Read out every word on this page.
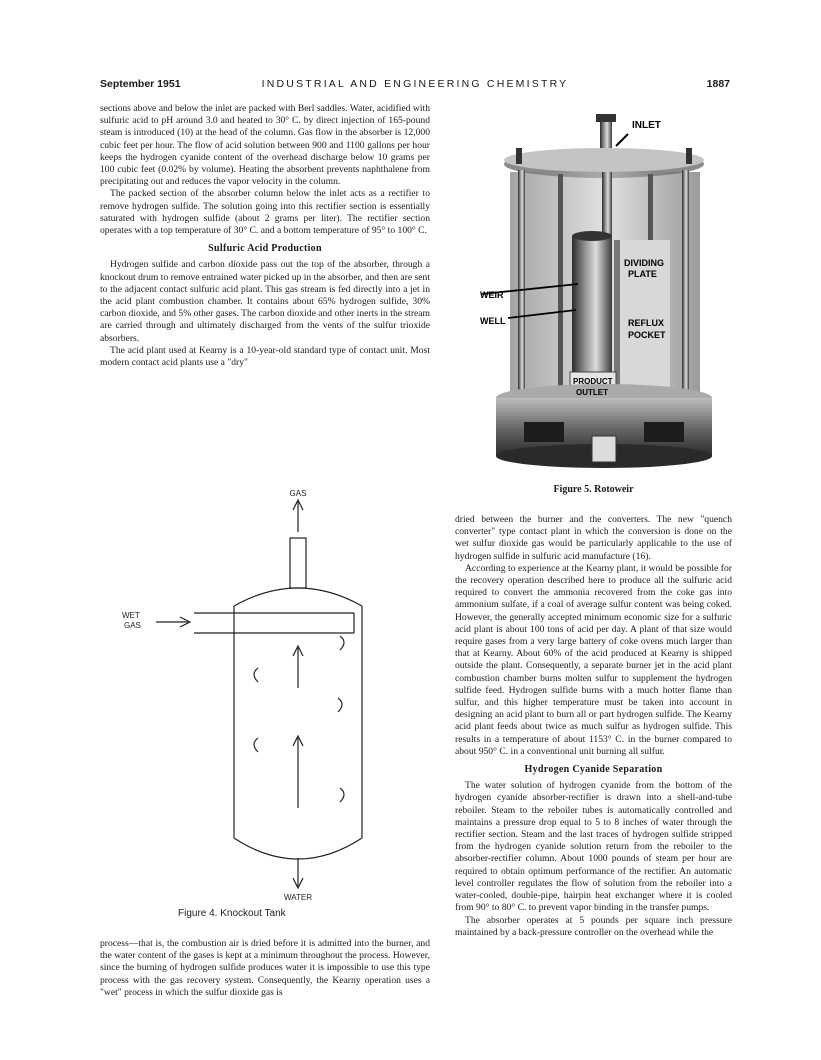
September 1951	INDUSTRIAL AND ENGINEERING CHEMISTRY	1887

sections above and below the inlet are packed with Berl saddles. Water, acidified with sulfuric acid to pH around 3.0 and heated to 30° C. by direct injection of 165-pound steam is introduced (10) at the head of the column. Gas flow in the absorber is 12,000 cubic feet per hour. The flow of acid solution between 900 and 1100 gallons per hour keeps the hydrogen cyanide content of the overhead discharge below 10 grams per 100 cubic feet (0.02% by volume). Heating the absorbent prevents naphthalene from precipitating out and reduces the vapor velocity in the column.

The packed section of the absorber column below the inlet acts as a rectifier to remove hydrogen sulfide. The solution going into this rectifier section is essentially saturated with hydrogen sulfide (about 2 grams per liter). The rectifier section operates with a top temperature of 30° C. and a bottom temperature of 95° to 100° C.

Sulfuric Acid Production

Hydrogen sulfide and carbon dioxide pass out the top of the absorber, through a knockout drum to remove entrained water picked up in the absorber, and then are sent to the adjacent contact sulfuric acid plant. This gas stream is fed directly into a jet in the acid plant combustion chamber. It contains about 65% hydrogen sulfide, 30% carbon dioxide, and 5% other gases. The carbon dioxide and other inerts in the stream are carried through and ultimately discharged from the vents of the sulfur trioxide absorbers.

The acid plant used at Kearny is a 10-year-old standard type of contact unit. Most modern contact acid plants use a "dry"

INLET
DIVIDING
PLATE
WEIR
WELL	REFLUX
POCKET
PRODUCT
OUTLET
Figure 5. Rotoweir
GAS
WET
GAS
WATER
Figure 4. Knockout Tank

process—that is, the combustion air is dried before it is admitted into the burner, and the water content of the gases is kept at a minimum throughout the process. However, since the burning of hydrogen sulfide produces water it is impossible to use this type process with the gas recovery system. Consequently, the Kearny operation uses a "wet" process in which the sulfur dioxide gas is

dried between the burner and the converters. The new "quench converter" type contact plant in which the conversion is done on the wet sulfur dioxide gas would be particularly applicable to the use of hydrogen sulfide in sulfuric acid manufacture (16).

According to experience at the Kearny plant, it would be possible for the recovery operation described here to produce all the sulfuric acid required to convert the ammonia recovered from the coke gas into ammonium sulfate, if a coal of average sulfur content was being coked. However, the generally accepted minimum economic size for a sulfuric acid plant is about 100 tons of acid per day. A plant of that size would require gases from a very large battery of coke ovens much larger than that at Kearny. About 60% of the acid produced at Kearny is shipped outside the plant. Consequently, a separate burner jet in the acid plant combustion chamber burns molten sulfur to supplement the hydrogen sulfide feed. Hydrogen sulfide burns with a much hotter flame than sulfur, and this higher temperature must be taken into account in designing an acid plant to burn all or part hydrogen sulfide. The Kearny acid plant feeds about twice as much sulfur as hydrogen sulfide. This results in a temperature of about 1153° C. in the burner compared to about 950° C. in a conventional unit burning all sulfur.

Hydrogen Cyanide Separation

The water solution of hydrogen cyanide from the bottom of the hydrogen cyanide absorber-rectifier is drawn into a shell-and-tube reboiler. Steam to the reboiler tubes is automatically controlled and maintains a pressure drop equal to 5 to 8 inches of water through the rectifier section. Steam and the last traces of hydrogen sulfide stripped from the hydrogen cyanide solution return from the reboiler to the absorber-rectifier column. About 1000 pounds of steam per hour are required to obtain optimum performance of the rectifier. An automatic level controller regulates the flow of solution from the reboiler into a water-cooled, double-pipe, hairpin heat exchanger where it is cooled from 90° to 80° C. to prevent vapor binding in the transfer pumps.

The absorber operates at 5 pounds per square inch pressure maintained by a back-pressure controller on the overhead while the
